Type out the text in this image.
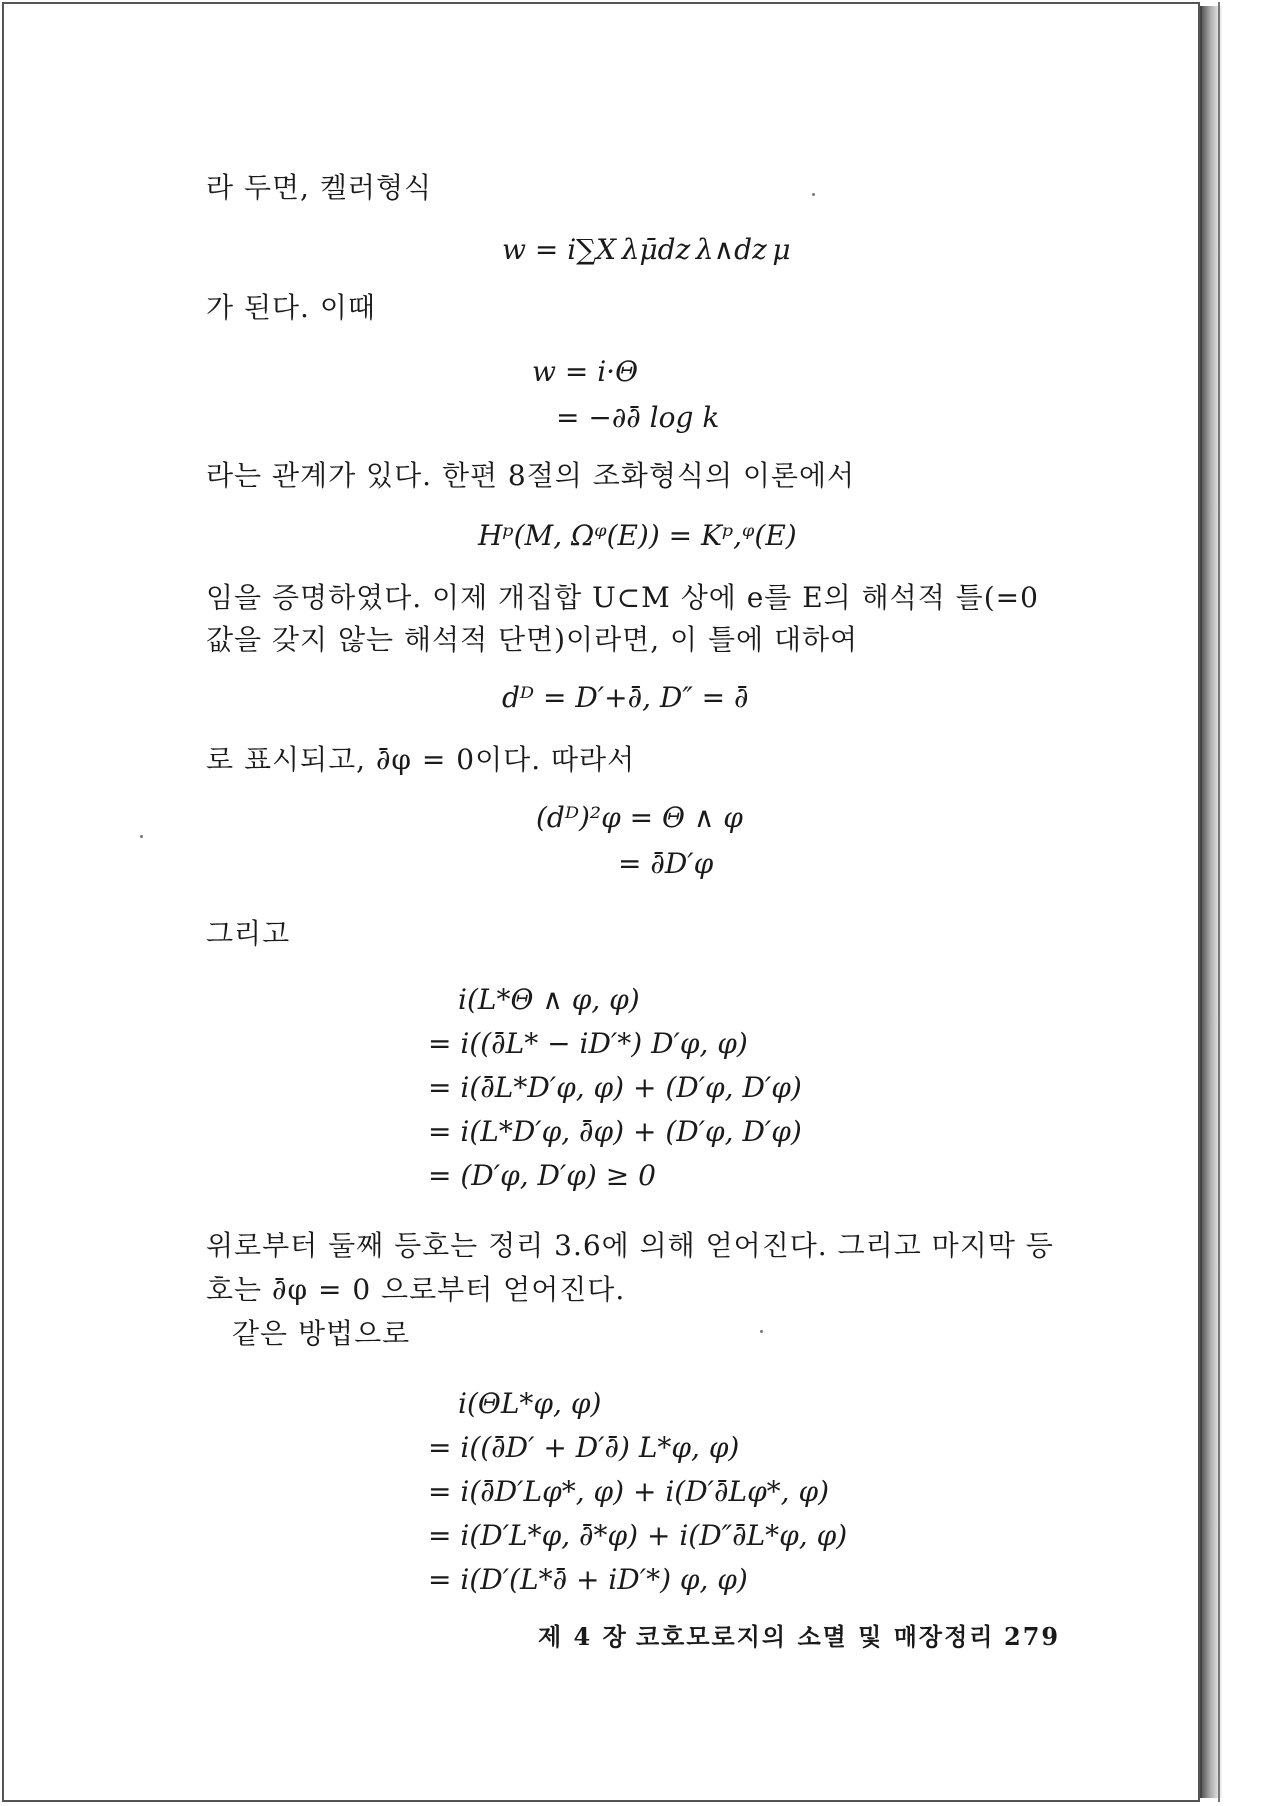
라 두면, 켈러형식
w = i∑X λμ̄dz λ∧dz μ
가 된다. 이때
w = i·Θ
= −∂∂̄ log k
라는 관계가 있다. 한편 8절의 조화형식의 이론에서
Hᵖ(M, Ωᵠ(E)) = Kᵖ,ᵠ(E)
임을 증명하였다. 이제 개집합 U⊂M 상에 e를 E의 해석적 틀(=0
값을 갖지 않는 해석적 단면)이라면, 이 틀에 대하여
dᴰ = D′+∂̄, D″ = ∂̄
로 표시되고, ∂̄φ = 0이다. 따라서
(dᴰ)²φ = Θ ∧ φ
= ∂̄D′φ
그리고
i(L*Θ ∧ φ, φ)
= i((∂̄L* − iD′*) D′φ, φ)
= i(∂̄L*D′φ, φ) + (D′φ, D′φ)
= i(L*D′φ, ∂̄φ) + (D′φ, D′φ)
= (D′φ, D′φ) ≥ 0
위로부터 둘째 등호는 정리 3.6에 의해 얻어진다. 그리고 마지막 등
호는 ∂̄φ = 0 으로부터 얻어진다.
같은 방법으로
i(ΘL*φ, φ)
= i((∂̄D′ + D′∂̄) L*φ, φ)
= i(∂̄D′Lφ*, φ) + i(D′∂̄Lφ*, φ)
= i(D′L*φ, ∂̄*φ) + i(D″∂̄L*φ, φ)
= i(D′(L*∂̄ + iD′*) φ, φ)
제 4 장 코호모로지의 소멸 및 매장정리 279
